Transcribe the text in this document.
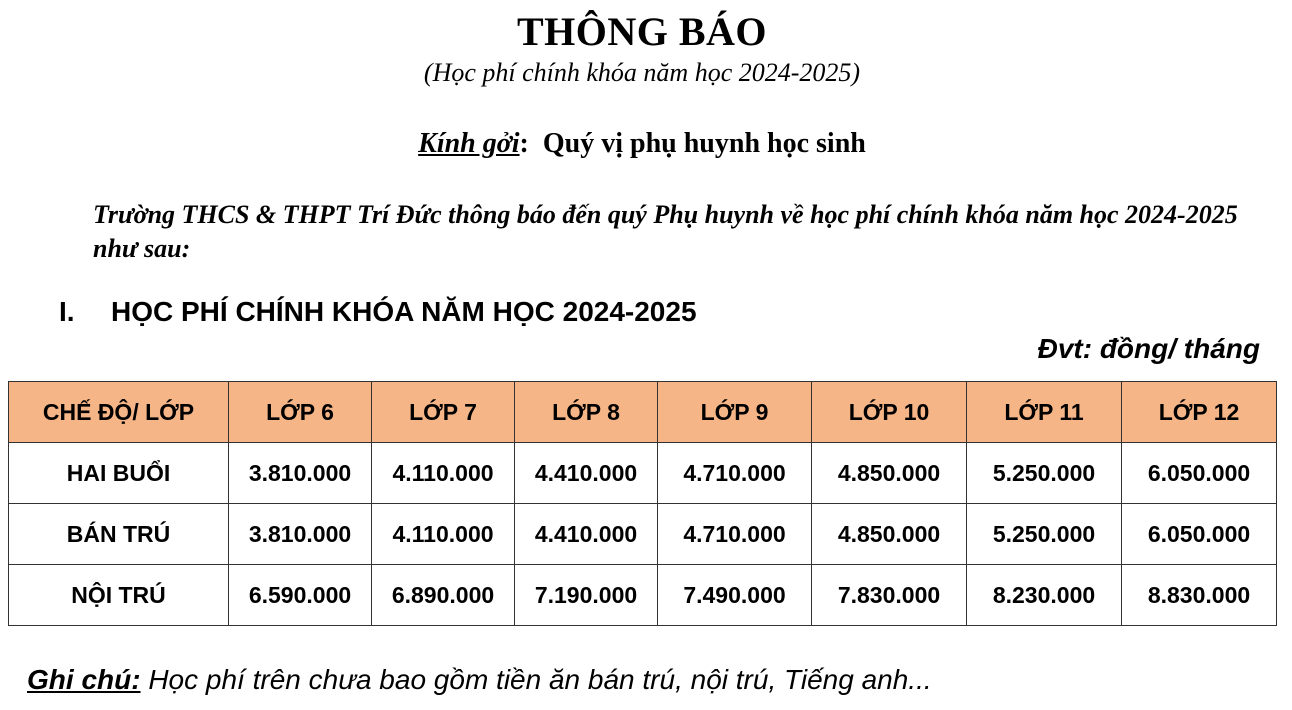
THÔNG BÁO
(Học phí chính khóa năm học 2024-2025)
Kính gởi: Quý vị phụ huynh học sinh
Trường THCS & THPT Trí Đức thông báo đến quý Phụ huynh về học phí chính khóa năm học 2024-2025 như sau:
I.	HỌC PHÍ CHÍNH KHÓA NĂM HỌC 2024-2025
Đvt: đồng/ tháng
CHẾ ĐỘ/ LỚP	LỚP 6	LỚP 7	LỚP 8	LỚP 9	LỚP 10	LỚP 11	LỚP 12
HAI BUỔI	3.810.000	4.110.000	4.410.000	4.710.000	4.850.000	5.250.000	6.050.000
BÁN TRÚ	3.810.000	4.110.000	4.410.000	4.710.000	4.850.000	5.250.000	6.050.000
NỘI TRÚ	6.590.000	6.890.000	7.190.000	7.490.000	7.830.000	8.230.000	8.830.000
Ghi chú: Học phí trên chưa bao gồm tiền ăn bán trú, nội trú, Tiếng anh...
